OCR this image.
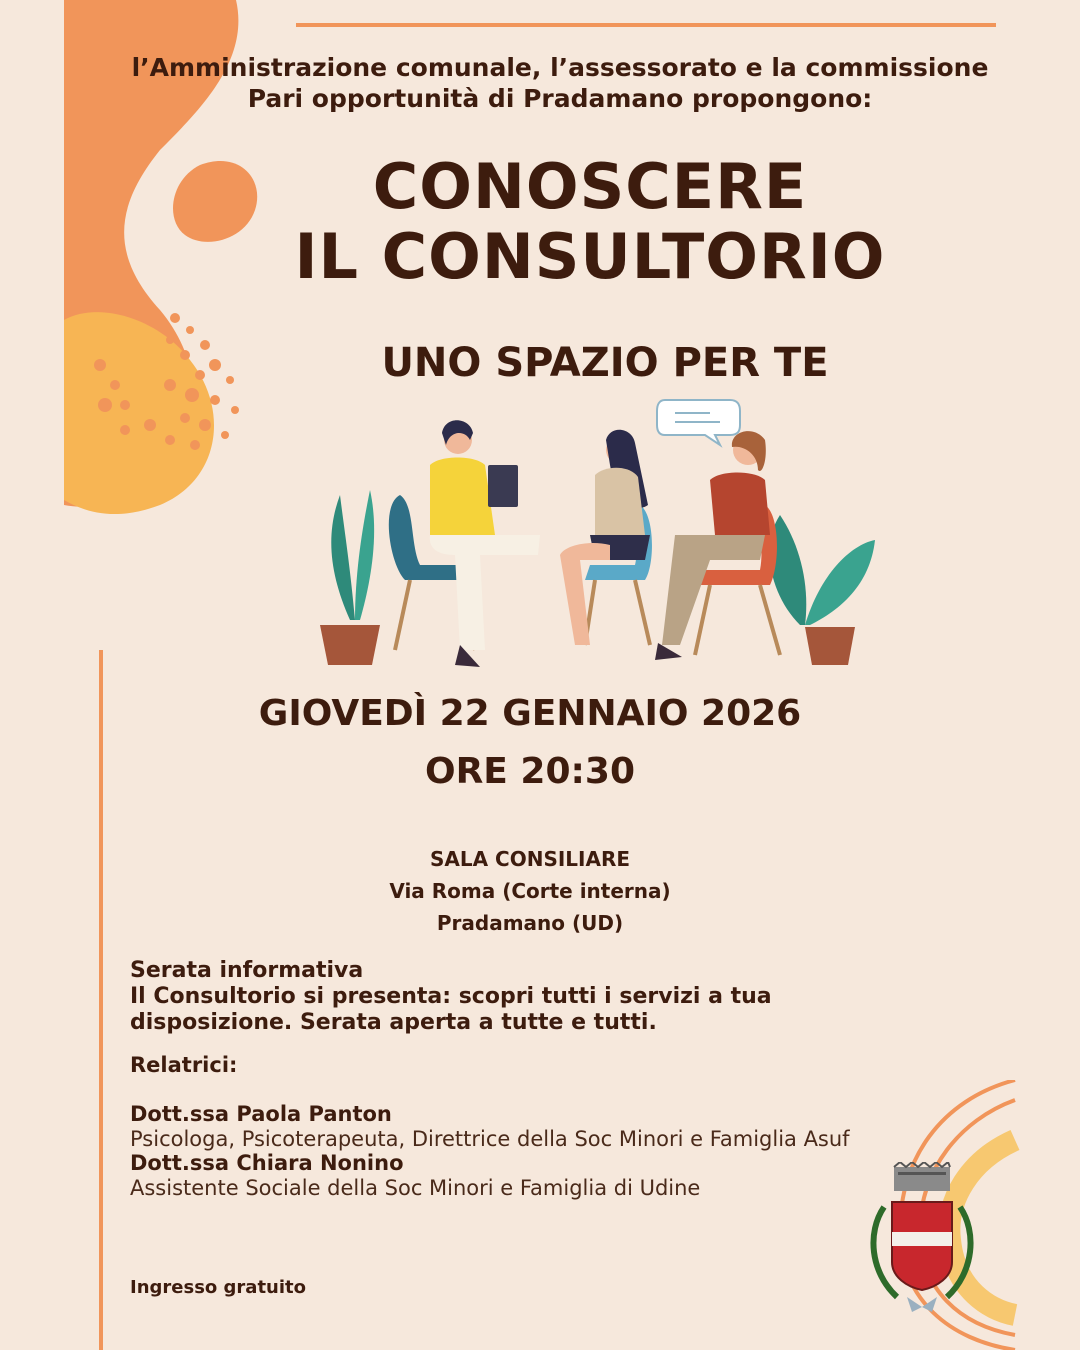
l’Amministrazione comunale, l’assessorato e la commissione
Pari opportunità di Pradamano propongono:
CONOSCERE
IL CONSULTORIO
UNO SPAZIO PER TE
GIOVEDÌ 22 GENNAIO 2026
ORE 20:30
SALA CONSILIARE
Via Roma (Corte interna)
Pradamano (UD)
Serata informativa
Il Consultorio si presenta: scopri tutti i servizi a tua
disposizione. Serata aperta a tutte e tutti.
Relatrici:
Dott.ssa Paola Panton
Psicologa, Psicoterapeuta, Direttrice della Soc Minori e Famiglia Asuf
Dott.ssa Chiara Nonino
Assistente Sociale della Soc Minori e Famiglia di Udine
Ingresso gratuito
